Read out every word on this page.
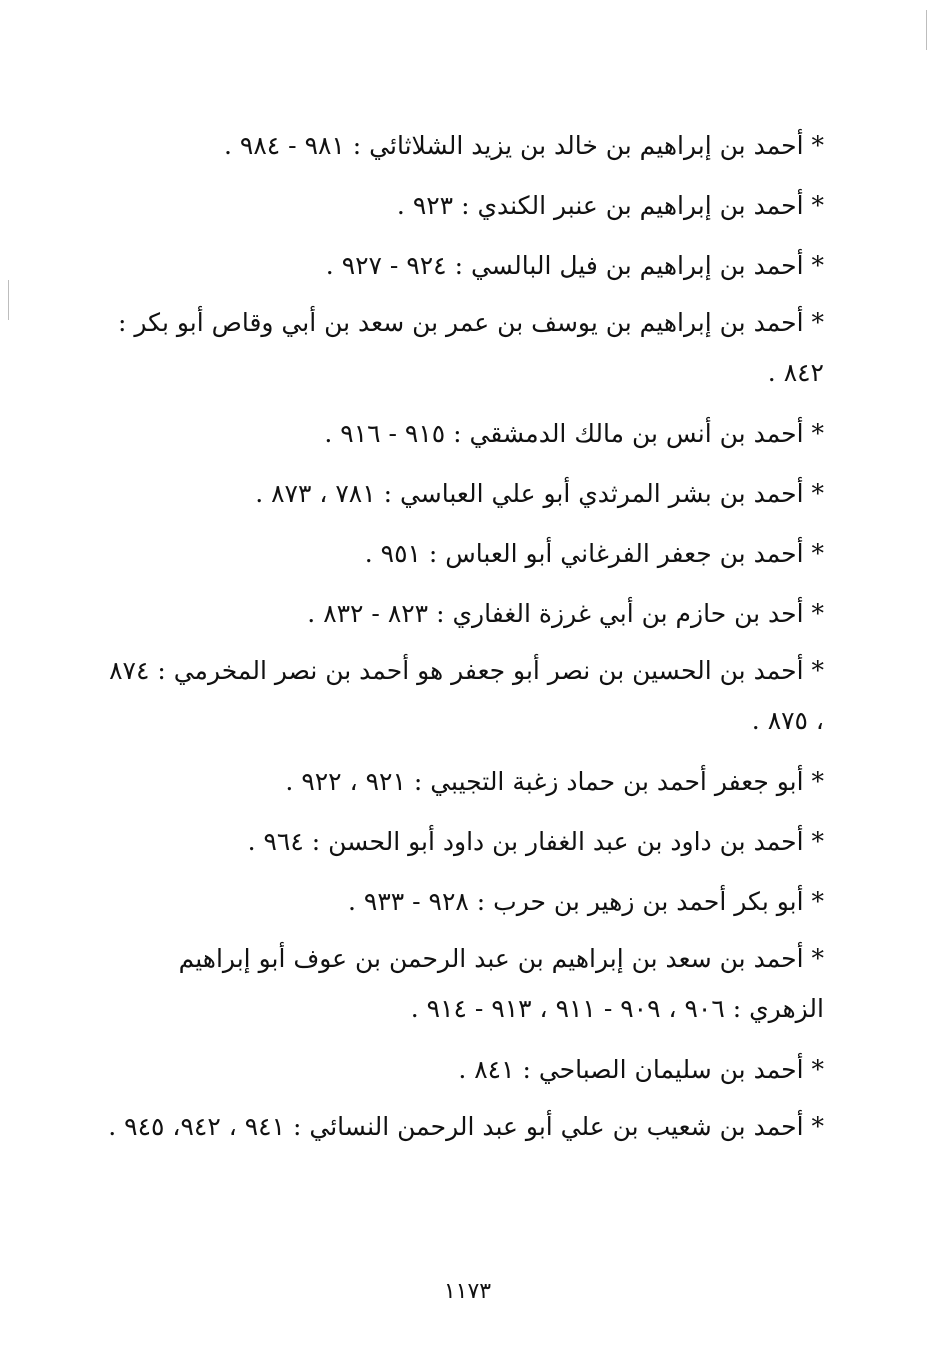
* أحمد بن إبراهيم بن خالد بن يزيد الشلاثائي : ٩٨١ - ٩٨٤ .
* أحمد بن إبراهيم بن عنبر الكندي : ٩٢٣ .
* أحمد بن إبراهيم بن فيل البالسي : ٩٢٤ - ٩٢٧ .
* أحمد بن إبراهيم بن يوسف بن عمر بن سعد بن أبي وقاص أبو بكر : ٨٤٢ .
* أحمد بن أنس بن مالك الدمشقي : ٩١٥ - ٩١٦ .
* أحمد بن بشر المرثدي أبو علي العباسي : ٧٨١ ، ٨٧٣ .
* أحمد بن جعفر الفرغاني أبو العباس : ٩٥١ .
* أحد بن حازم بن أبي غرزة الغفاري : ٨٢٣ - ٨٣٢ .
* أحمد بن الحسين بن نصر أبو جعفر هو أحمد بن نصر المخرمي : ٨٧٤ ، ٨٧٥ .
* أبو جعفر أحمد بن حماد زغبة التجيبي : ٩٢١ ، ٩٢٢ .
* أحمد بن داود بن عبد الغفار بن داود أبو الحسن : ٩٦٤ .
* أبو بكر أحمد بن زهير بن حرب : ٩٢٨ - ٩٣٣ .
* أحمد بن سعد بن إبراهيم بن عبد الرحمن بن عوف أبو إبراهيم الزهري : ٩٠٦ ، ٩٠٩ - ٩١١ ، ٩١٣ - ٩١٤ .
* أحمد بن سليمان الصباحي : ٨٤١ .
* أحمد بن شعيب بن علي أبو عبد الرحمن النسائي : ٩٤١ ، ٩٤٢، ٩٤٥ .
١١٧٣
